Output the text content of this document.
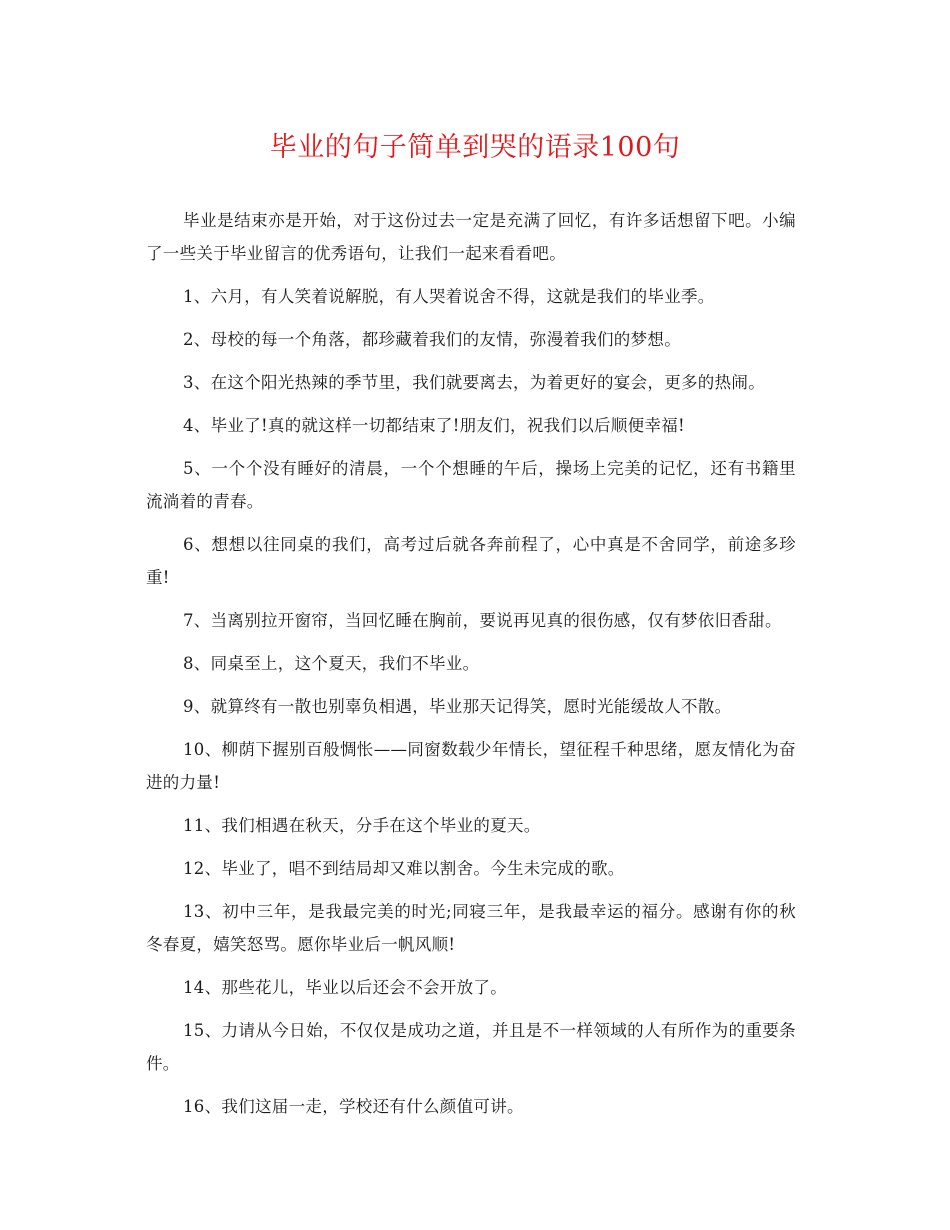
毕业的句子简单到哭的语录100句

毕业是结束亦是开始，对于这份过去一定是充满了回忆，有许多话想留下吧。小编了一些关于毕业留言的优秀语句，让我们一起来看看吧。

1、六月，有人笑着说解脱，有人哭着说舍不得，这就是我们的毕业季。

2、母校的每一个角落，都珍藏着我们的友情，弥漫着我们的梦想。

3、在这个阳光热辣的季节里，我们就要离去，为着更好的宴会，更多的热闹。

4、毕业了!真的就这样一切都结束了!朋友们，祝我们以后顺便幸福!

5、一个个没有睡好的清晨，一个个想睡的午后，操场上完美的记忆，还有书籍里流淌着的青春。

6、想想以往同桌的我们，高考过后就各奔前程了，心中真是不舍同学，前途多珍重!

7、当离别拉开窗帘，当回忆睡在胸前，要说再见真的很伤感，仅有梦依旧香甜。

8、同桌至上，这个夏天，我们不毕业。

9、就算终有一散也别辜负相遇，毕业那天记得笑，愿时光能缓故人不散。

10、柳荫下握别百般惆怅——同窗数载少年情长，望征程千种思绪，愿友情化为奋进的力量!

11、我们相遇在秋天，分手在这个毕业的夏天。

12、毕业了，唱不到结局却又难以割舍。今生未完成的歌。

13、初中三年，是我最完美的时光;同寝三年，是我最幸运的福分。感谢有你的秋冬春夏，嬉笑怒骂。愿你毕业后一帆风顺!

14、那些花儿，毕业以后还会不会开放了。

15、力请从今日始，不仅仅是成功之道，并且是不一样领域的人有所作为的重要条件。

16、我们这届一走，学校还有什么颜值可讲。
